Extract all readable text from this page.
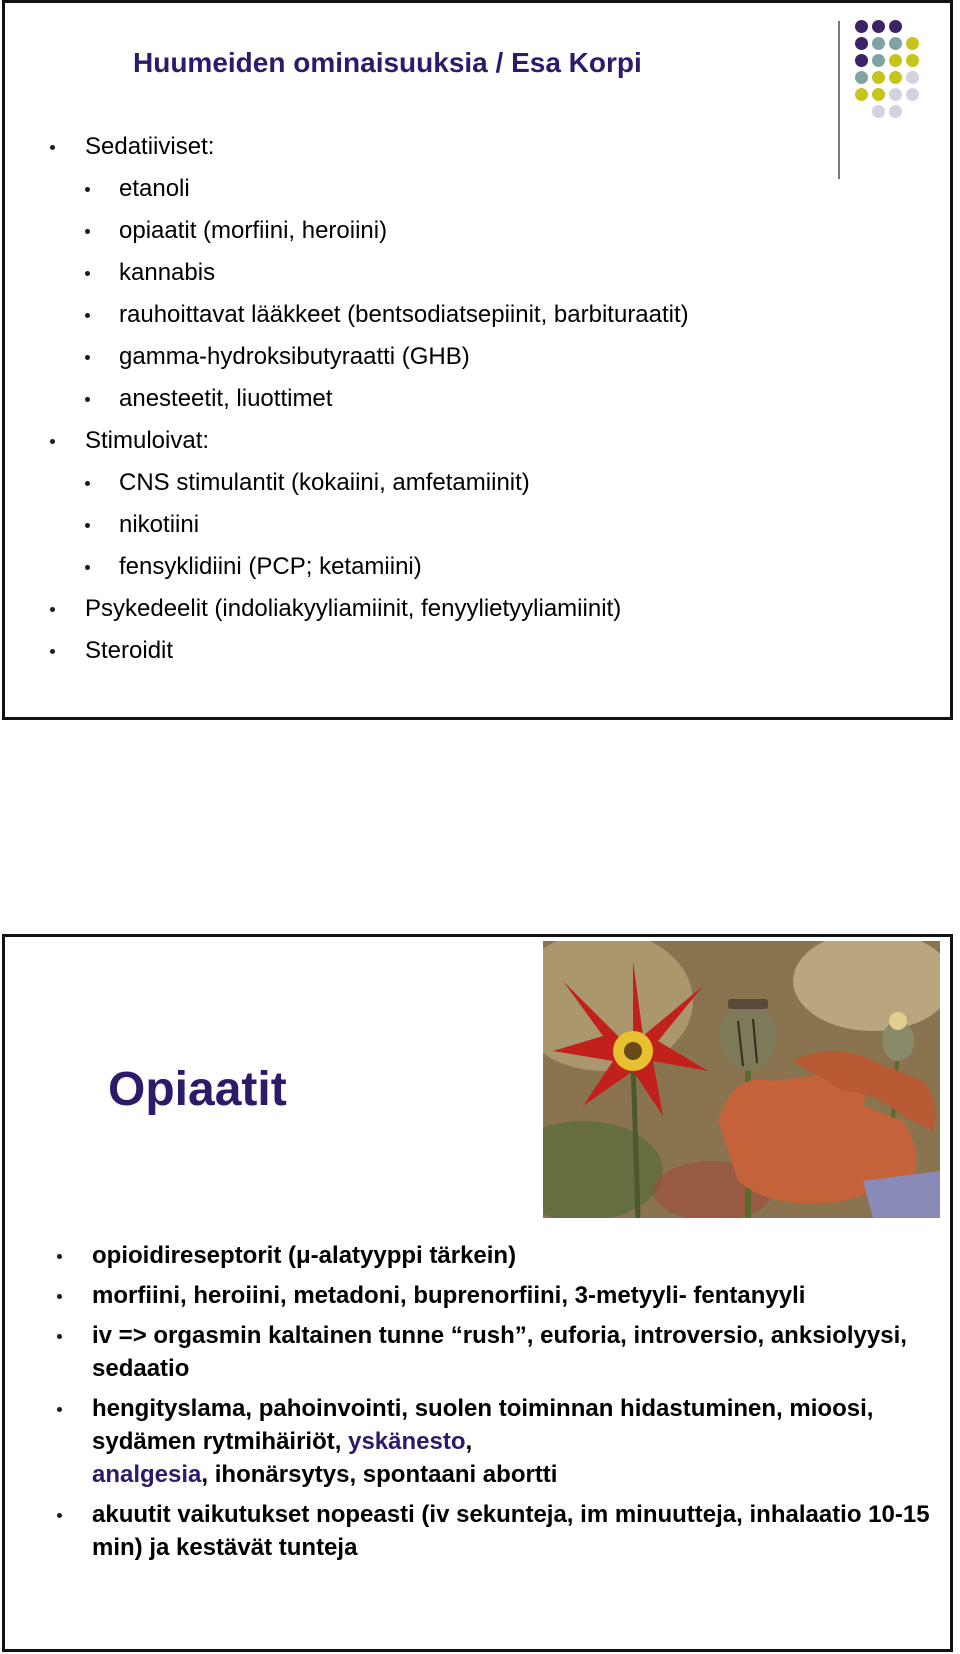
Huumeiden ominaisuuksia / Esa Korpi
Sedatiiviset:
etanoli
opiaatit (morfiini, heroiini)
kannabis
rauhoittavat lääkkeet (bentsodiatsepiinit, barbituraatit)
gamma-hydroksibutyraatti (GHB)
anesteetit, liuottimet
Stimuloivat:
CNS stimulantit (kokaiini, amfetamiinit)
nikotiini
fensyklidiini (PCP; ketamiini)
Psykedeelit (indoliakyyliamiinit, fenyylietyyliamiinit)
Steroidit
Opiaatit
opioidireseptorit (μ-alatyyppi tärkein)
morfiini, heroiini, metadoni, buprenorfiini, 3-metyyli- fentanyyli
iv => orgasmin kaltainen tunne “rush”, euforia, introversio, anksiolyysi, sedaatio
hengityslama, pahoinvointi, suolen toiminnan hidastuminen, mioosi, sydämen rytmihäiriöt, yskänesto,
analgesia, ihonärsytys, spontaani abortti
akuutit vaikutukset nopeasti (iv sekunteja, im minuutteja, inhalaatio 10-15 min) ja kestävät tunteja
